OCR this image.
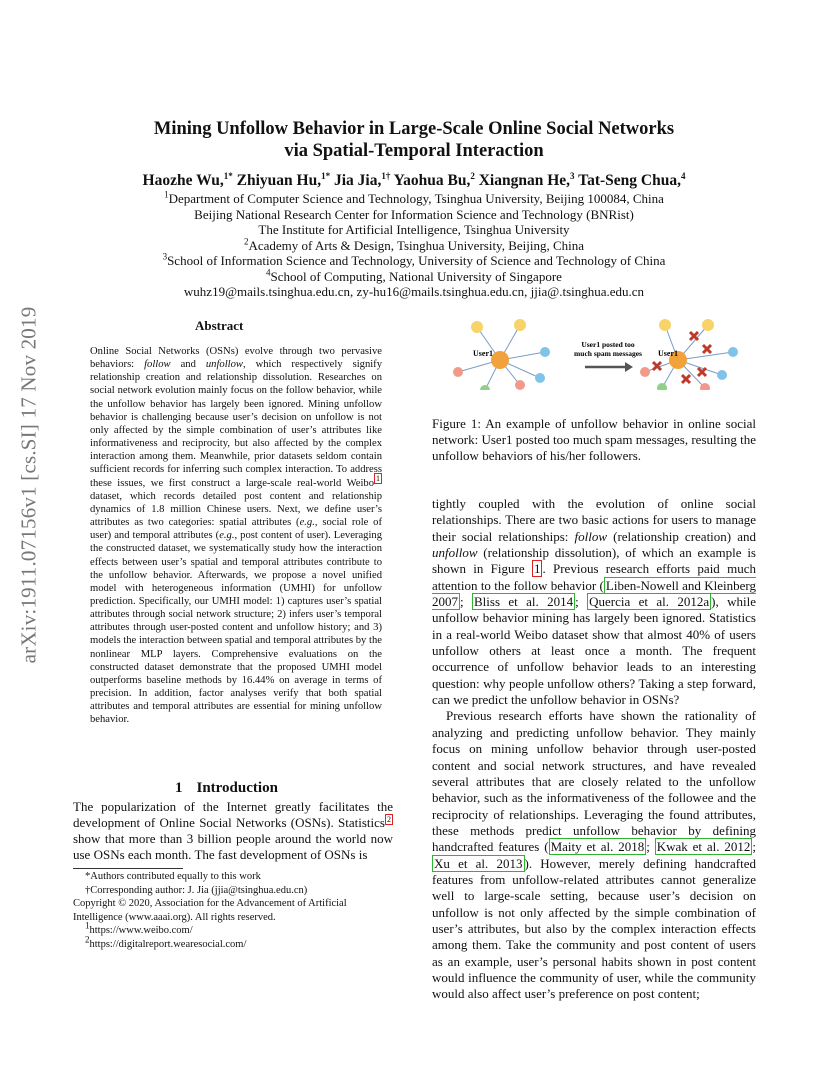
arXiv:1911.07156v1 [cs.SI] 17 Nov 2019
Mining Unfollow Behavior in Large-Scale Online Social Networks
via Spatial-Temporal Interaction
Haozhe Wu,$^{1*}$ Zhiyuan Hu,$^{1*}$ Jia Jia,$^{1\dagger}$ Yaohua Bu,$^2$ Xiangnan He,$^3$ Tat-Seng Chua,$^4$
$^1$Department of Computer Science and Technology, Tsinghua University, Beijing 100084, China
Beijing National Research Center for Information Science and Technology (BNRist)
The Institute for Artificial Intelligence, Tsinghua University
$^2$Academy of Arts & Design, Tsinghua University, Beijing, China
$^3$School of Information Science and Technology, University of Science and Technology of China
$^4$School of Computing, National University of Singapore
wuhz19@mails.tsinghua.edu.cn, zy-hu16@mails.tsinghua.edu.cn, jjia@.tsinghua.edu.cn
Abstract

Online Social Networks (OSNs) evolve through two pervasive behaviors: follow and unfollow, which respectively signify relationship creation and relationship dissolution. Researches on social network evolution mainly focus on the follow behavior, while the unfollow behavior has largely been ignored. Mining unfollow behavior is challenging because user’s decision on unfollow is not only affected by the simple combination of user’s attributes like informativeness and reciprocity, but also affected by the complex interaction among them. Meanwhile, prior datasets seldom contain sufficient records for inferring such complex interaction. To address these issues, we first construct a large-scale real-world Weibo $^1$ dataset, which records detailed post content and relationship dynamics of 1.8 million Chinese users. Next, we define user’s attributes as two categories: spatial attributes (e.g., social role of user) and temporal attributes (e.g., post content of user). Leveraging the constructed dataset, we systematically study how the interaction effects between user’s spatial and temporal attributes contribute to the unfollow behavior. Afterwards, we propose a novel unified model with heterogeneous information (UMHI) for unfollow prediction. Specifically, our UMHI model: 1) captures user’s spatial attributes through social network structure; 2) infers user’s temporal attributes through user-posted content and unfollow history; and 3) models the interaction between spatial and temporal attributes by the nonlinear MLP layers. Comprehensive evaluations on the constructed dataset demonstrate that the proposed UMHI model outperforms baseline methods by 16.44% on average in terms of precision. In addition, factor analyses verify that both spatial attributes and temporal attributes are essential for mining unfollow behavior.

1 Introduction

The popularization of the Internet greatly facilitates the development of Online Social Networks (OSNs). Statistics $^2$ show that more than 3 billion people around the world now use OSNs each month. The fast development of OSNs is

*Authors contributed equally to this work
†Corresponding author: J. Jia (jjia@tsinghua.edu.cn)
Copyright © 2020, Association for the Advancement of Artificial Intelligence (www.aaai.org). All rights reserved.
$^1$https://www.weibo.com/
$^2$https://digitalreport.wearesocial.com/
User1	User1
User1 posted too
much spam messages
Figure 1: An example of unfollow behavior in online social network: User1 posted too much spam messages, resulting the unfollow behaviors of his/her followers.

tightly coupled with the evolution of online social relationships. There are two basic actions for users to manage their social relationships: follow (relationship creation) and unfollow (relationship dissolution), of which an example is shown in Figure 1 . Previous research efforts paid much attention to the follow behavior ( Liben-Nowell and Kleinberg 2007 ; Bliss et al. 2014 ; Quercia et al. 2012a ), while unfollow behavior mining has largely been ignored. Statistics in a real-world Weibo dataset show that almost 40% of users unfollow others at least once a month. The frequent occurrence of unfollow behavior leads to an interesting question: why people unfollow others? Taking a step forward, can we predict the unfollow behavior in OSNs?

Previous research efforts have shown the rationality of analyzing and predicting unfollow behavior. They mainly focus on mining unfollow behavior through user-posted content and social network structures, and have revealed several attributes that are closely related to the unfollow behavior, such as the informativeness of the followee and the reciprocity of relationships. Leveraging the found attributes, these methods predict unfollow behavior by defining handcrafted features ( Maity et al. 2018 ; Kwak et al. 2012 ; Xu et al. 2013 ). However, merely defining handcrafted features from unfollow-related attributes cannot generalize well to large-scale setting, because user’s decision on unfollow is not only affected by the simple combination of user’s attributes, but also by the complex interaction effects among them. Take the community and post content of users as an example, user’s personal habits shown in post content would influence the community of user, while the community would also affect user’s preference on post content;
